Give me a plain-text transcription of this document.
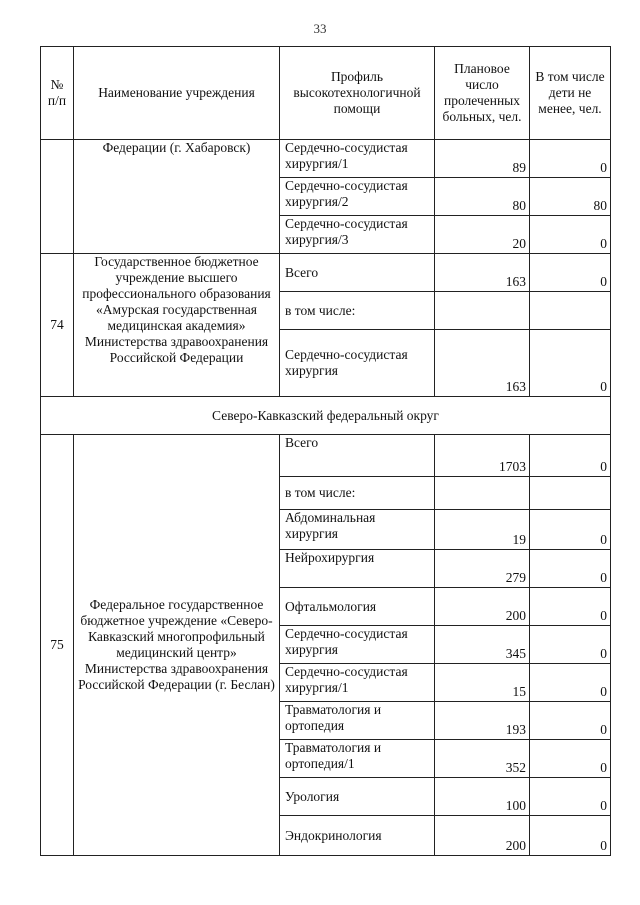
33
№ п/п	Наименование учреждения	Профиль высокотехнологичной помощи	Плановое число пролеченных больных, чел.	В том числе дети не менее, чел.
	Федерации (г. Хабаровск)	Сердечно-сосудистая хирургия/1	89	0
		Сердечно-сосудистая хирургия/2	80	80
		Сердечно-сосудистая хирургия/3	20	0
74	Государственное бюджетное учреждение высшего профессионального образования «Амурская государственная медицинская академия» Министерства здравоохранения Российской Федерации	Всего	163	0
		в том числе:		
		Сердечно-сосудистая хирургия	163	0
Северо-Кавказский федеральный округ				
75	Федеральное государственное бюджетное учреждение «Северо-Кавказский многопрофильный медицинский центр» Министерства здравоохранения Российской Федерации (г. Беслан)	Всего	1703	0
		в том числе:		
		Абдоминальная хирургия	19	0
		Нейрохирургия	279	0
		Офтальмология	200	0
		Сердечно-сосудистая хирургия	345	0
		Сердечно-сосудистая хирургия/1	15	0
		Травматология и ортопедия	193	0
		Травматология и ортопедия/1	352	0
		Урология	100	0
		Эндокринология	200	0
